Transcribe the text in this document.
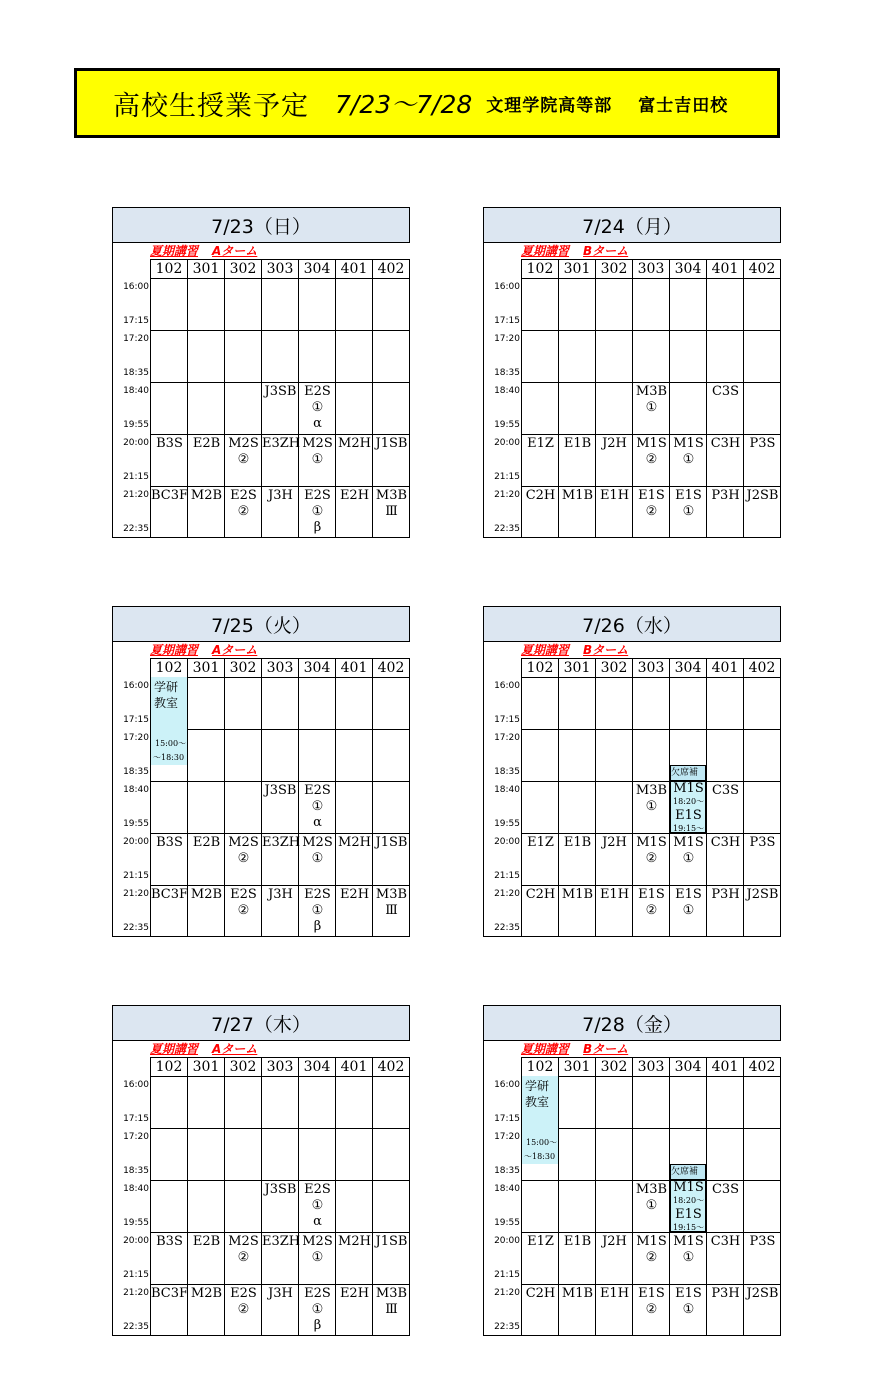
高校生授業予定 7/23～7/28 文理学院高等部 富士吉田校
7/23（日）
夏期講習 Aターム
102 301 302 303 304 401 402
16:00
17:15
17:20
18:35
18:40
19:55
20:00
21:15
21:20
22:35
J3SB E2S
①
α
B3S E2B M2S
②
E3ZH M2S
①
M2H J1SB
BC3F M2B E2S
②
J3H E2S
①
β
E2H M3B
Ⅲ
7/24（月）
夏期講習 Bターム
102 301 302 303 304 401 402
16:00
17:15
17:20
18:35
18:40
19:55
20:00
21:15
21:20
22:35
M3B
①
C3S
E1Z E1B J2H M1S
②
M1S
①
C3H P3S
C2H M1B E1H E1S
②
E1S
①
P3H J2SB
7/25（火）
夏期講習 Aターム
102 301 302 303 304 401 402
16:00
17:15
17:20
18:35
18:40
19:55
20:00
21:15
21:20
22:35
学研
教室
15:00～
～18:30
J3SB E2S
①
α
B3S E2B M2S
②
E3ZH M2S
①
M2H J1SB
BC3F M2B E2S
②
J3H E2S
①
β
E2H M3B
Ⅲ
7/26（水）
夏期講習 Bターム
102 301 302 303 304 401 402
16:00
17:15
17:20
18:35
18:40
19:55
20:00
21:15
21:20
22:35
M3B
①
C3S
E1Z E1B J2H M1S
②
M1S
①
C3H P3S
C2H M1B E1H E1S
②
E1S
①
P3H J2SB
欠席補
M1S
18:20～
E1S
19:15～
7/27（木）
夏期講習 Aターム
102 301 302 303 304 401 402
16:00
17:15
17:20
18:35
18:40
19:55
20:00
21:15
21:20
22:35
J3SB E2S
①
α
B3S E2B M2S
②
E3ZH M2S
①
M2H J1SB
BC3F M2B E2S
②
J3H E2S
①
β
E2H M3B
Ⅲ
7/28（金）
夏期講習 Bターム
102 301 302 303 304 401 402
16:00
17:15
17:20
18:35
18:40
19:55
20:00
21:15
21:20
22:35
学研
教室
15:00～
～18:30
M3B
①
C3S
E1Z E1B J2H M1S
②
M1S
①
C3H P3S
C2H M1B E1H E1S
②
E1S
①
P3H J2SB
欠席補
M1S
18:20～
E1S
19:15～
